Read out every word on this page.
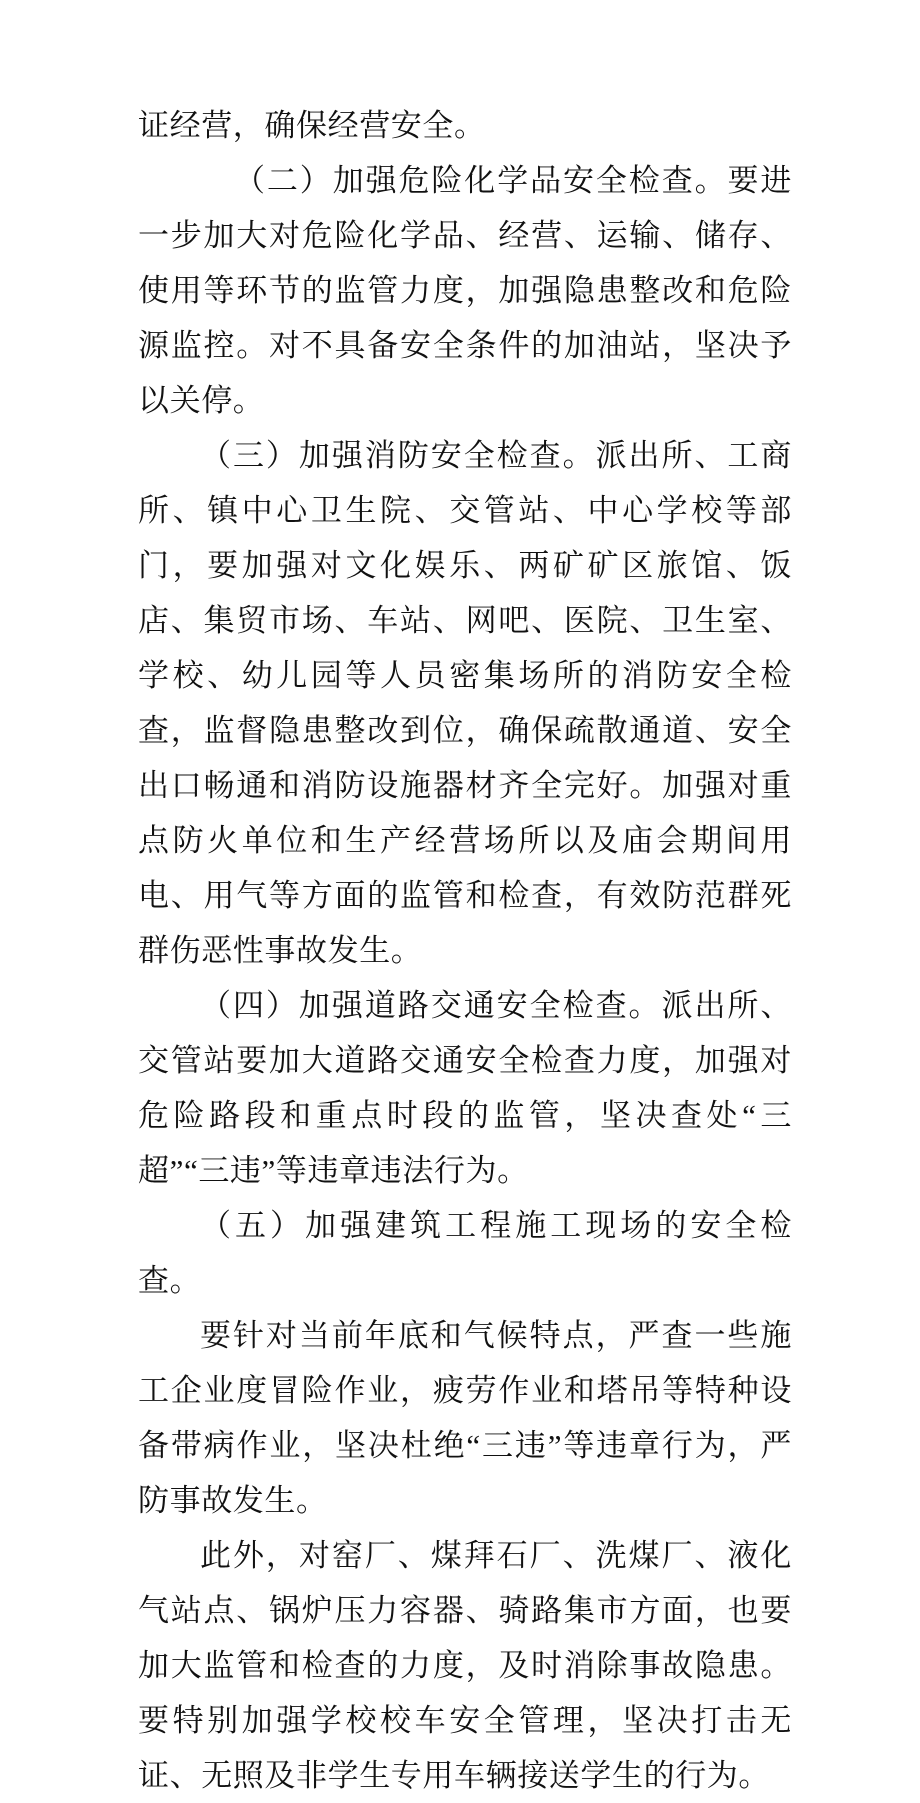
证经营，确保经营安全。

（二）加强危险化学品安全检查。要进一步加大对危险化学品、经营、运输、储存、使用等环节的监管力度，加强隐患整改和危险源监控。对不具备安全条件的加油站，坚决予以关停。

（三）加强消防安全检查。派出所、工商所、镇中心卫生院、交管站、中心学校等部门，要加强对文化娱乐、两矿矿区旅馆、饭店、集贸市场、车站、网吧、医院、卫生室、学校、幼儿园等人员密集场所的消防安全检查，监督隐患整改到位，确保疏散通道、安全出口畅通和消防设施器材齐全完好。加强对重点防火单位和生产经营场所以及庙会期间用电、用气等方面的监管和检查，有效防范群死群伤恶性事故发生。

（四）加强道路交通安全检查。派出所、交管站要加大道路交通安全检查力度，加强对危险路段和重点时段的监管，坚决查处“三超”“三违”等违章违法行为。

（五）加强建筑工程施工现场的安全检查。

要针对当前年底和气候特点，严查一些施工企业度冒险作业，疲劳作业和塔吊等特种设备带病作业，坚决杜绝“三违”等违章行为，严防事故发生。

此外，对窑厂、煤拜石厂、洗煤厂、液化气站点、锅炉压力容器、骑路集市方面，也要加大监管和检查的力度，及时消除事故隐患。要特别加强学校校车安全管理，坚决打击无证、无照及非学生专用车辆接送学生的行为。
